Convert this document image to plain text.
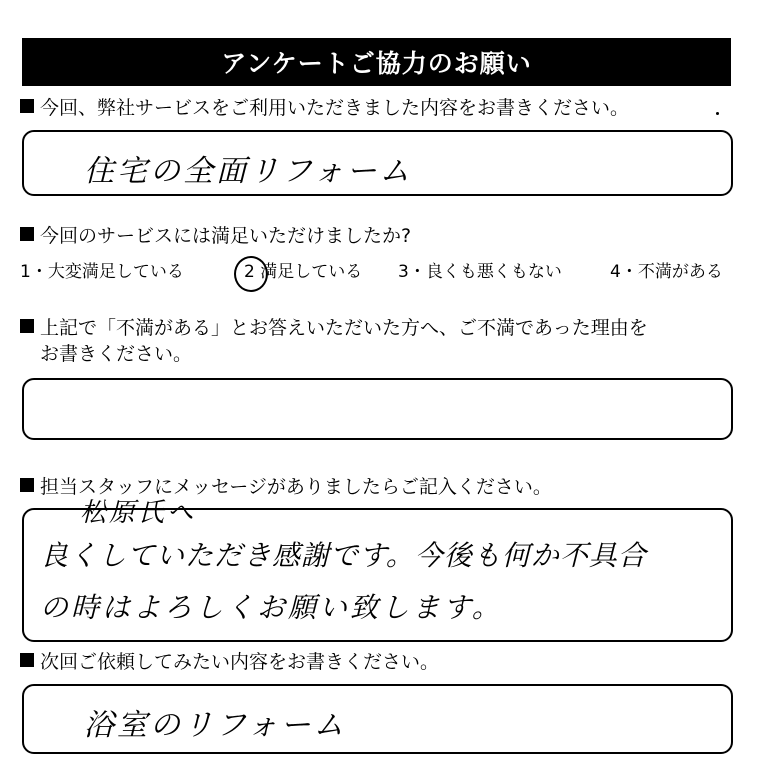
アンケートご協力のお願い
今回、弊社サービスをご利用いただきました内容をお書きください。
住宅の全面リフォーム
今回のサービスには満足いただけましたか?
1・大変満足している	2 満足している 3・良くも悪くもない	4・不満がある
上記で「不満がある」とお答えいただいた方へ、ご不満であった理由を
お書きください。
担当スタッフにメッセージがありましたらご記入ください。
松原氏へ
良くしていただき感謝です。今後も何か不具合
の時はよろしくお願い致します。
次回ご依頼してみたい内容をお書きください。
浴室のリフォーム
